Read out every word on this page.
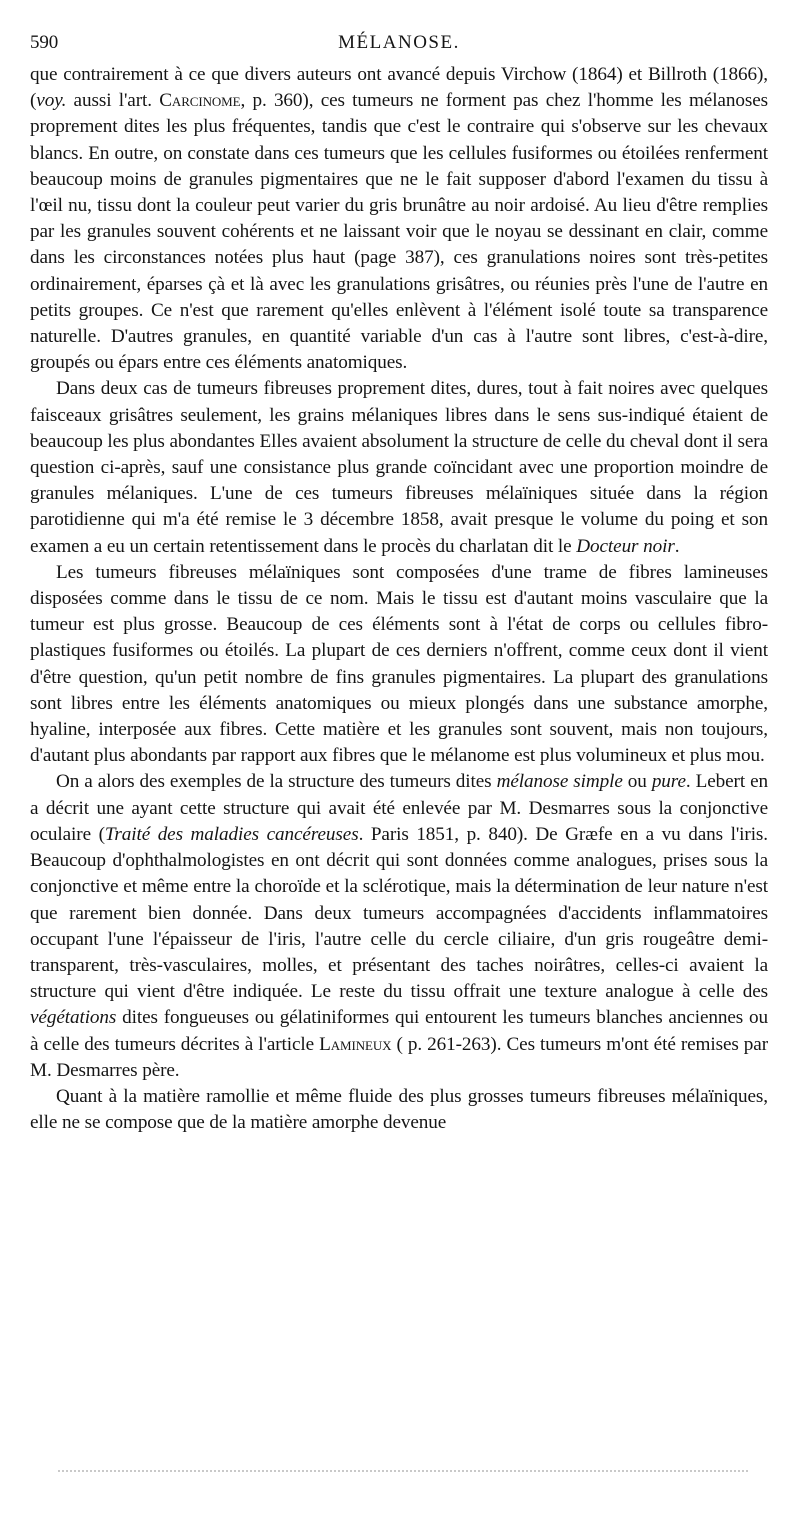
590	MÉLANOSE.

que contrairement à ce que divers auteurs ont avancé depuis Virchow (1864) et Billroth (1866), (voy. aussi l'art. Carcinome, p. 360), ces tumeurs ne forment pas chez l'homme les mélanoses proprement dites les plus fréquentes, tandis que c'est le contraire qui s'observe sur les chevaux blancs. En outre, on constate dans ces tumeurs que les cellules fusiformes ou étoilées renferment beaucoup moins de granules pigmentaires que ne le fait supposer d'abord l'examen du tissu à l'œil nu, tissu dont la couleur peut varier du gris brunâtre au noir ardoisé. Au lieu d'être remplies par les granules souvent cohérents et ne laissant voir que le noyau se dessinant en clair, comme dans les circonstances notées plus haut (page 387), ces granulations noires sont très-petites ordinairement, éparses çà et là avec les granulations grisâtres, ou réunies près l'une de l'autre en petits groupes. Ce n'est que rarement qu'elles enlèvent à l'élément isolé toute sa transparence naturelle. D'autres granules, en quantité variable d'un cas à l'autre sont libres, c'est-à-dire, groupés ou épars entre ces éléments anatomiques.

Dans deux cas de tumeurs fibreuses proprement dites, dures, tout à fait noires avec quelques faisceaux grisâtres seulement, les grains mélaniques libres dans le sens sus-indiqué étaient de beaucoup les plus abondantes Elles avaient absolument la structure de celle du cheval dont il sera question ci-après, sauf une consistance plus grande coïncidant avec une proportion moindre de granules mélaniques. L'une de ces tumeurs fibreuses mélaïniques située dans la région parotidienne qui m'a été remise le 3 décembre 1858, avait presque le volume du poing et son examen a eu un certain retentissement dans le procès du charlatan dit le Docteur noir.

Les tumeurs fibreuses mélaïniques sont composées d'une trame de fibres lamineuses disposées comme dans le tissu de ce nom. Mais le tissu est d'autant moins vasculaire que la tumeur est plus grosse. Beaucoup de ces éléments sont à l'état de corps ou cellules fibro-plastiques fusiformes ou étoilés. La plupart de ces derniers n'offrent, comme ceux dont il vient d'être question, qu'un petit nombre de fins granules pigmentaires. La plupart des granulations sont libres entre les éléments anatomiques ou mieux plongés dans une substance amorphe, hyaline, interposée aux fibres. Cette matière et les granules sont souvent, mais non toujours, d'autant plus abondants par rapport aux fibres que le mélanome est plus volumineux et plus mou.

On a alors des exemples de la structure des tumeurs dites mélanose simple ou pure. Lebert en a décrit une ayant cette structure qui avait été enlevée par M. Desmarres sous la conjonctive oculaire (Traité des maladies cancéreuses. Paris 1851, p. 840). De Græfe en a vu dans l'iris. Beaucoup d'ophthalmologistes en ont décrit qui sont données comme analogues, prises sous la conjonctive et même entre la choroïde et la sclérotique, mais la détermination de leur nature n'est que rarement bien donnée. Dans deux tumeurs accompagnées d'accidents inflammatoires occupant l'une l'épaisseur de l'iris, l'autre celle du cercle ciliaire, d'un gris rougeâtre demi-transparent, très-vasculaires, molles, et présentant des taches noirâtres, celles-ci avaient la structure qui vient d'être indiquée. Le reste du tissu offrait une texture analogue à celle des végétations dites fongueuses ou gélatiniformes qui entourent les tumeurs blanches anciennes ou à celle des tumeurs décrites à l'article Lamineux ( p. 261-263). Ces tumeurs m'ont été remises par M. Desmarres père.

Quant à la matière ramollie et même fluide des plus grosses tumeurs fibreuses mélaïniques, elle ne se compose que de la matière amorphe devenue
